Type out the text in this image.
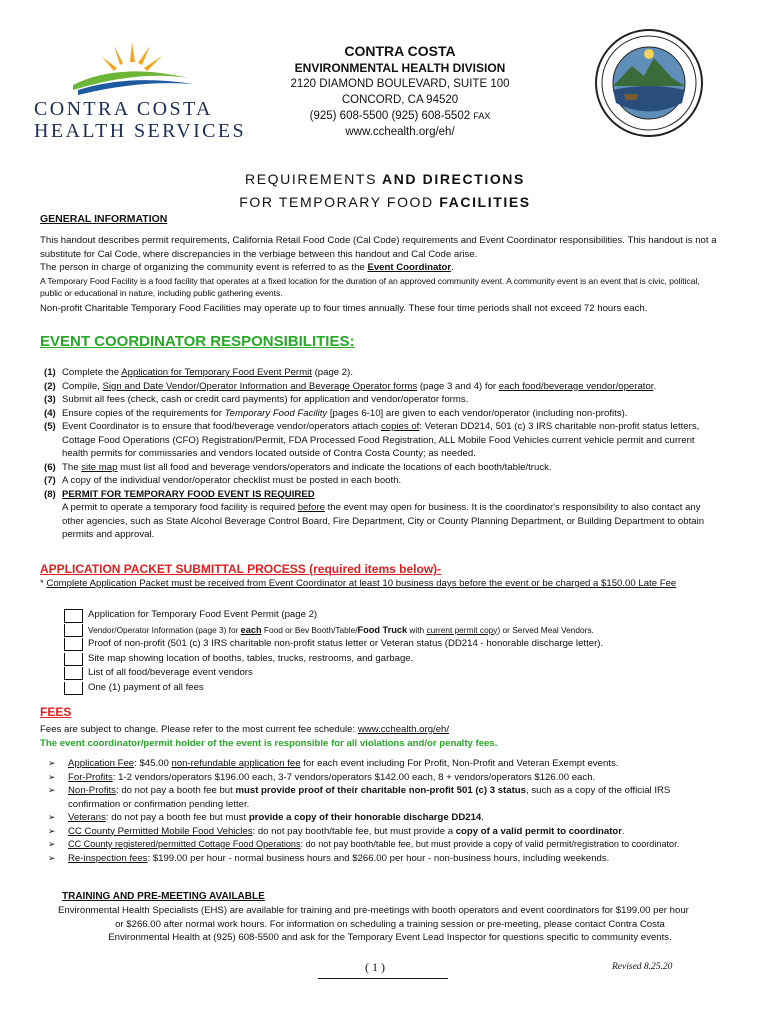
CONTRA COSTA
HEALTH SERVICES
CONTRA COSTA
ENVIRONMENTAL HEALTH DIVISION
2120 DIAMOND BOULEVARD, SUITE 100
CONCORD, CA 94520
(925) 608-5500 (925) 608-5502 FAX
www.cchealth.org/eh/
REQUIREMENTS AND DIRECTIONS
FOR TEMPORARY FOOD FACILITIES
GENERAL INFORMATION
This handout describes permit requirements, California Retail Food Code (Cal Code) requirements and Event Coordinator responsibilities. This handout is not a substitute for Cal Code, where discrepancies in the verbiage between this handout and Cal Code arise.
The person in charge of organizing the community event is referred to as the Event Coordinator.
A Temporary Food Facility is a food facility that operates at a fixed location for the duration of an approved community event. A community event is an event that is civic, political, public or educational in nature, including public gathering events.
Non-profit Charitable Temporary Food Facilities may operate up to four times annually. These four time periods shall not exceed 72 hours each.
EVENT COORDINATOR RESPONSIBILITIES:
(1) Complete the Application for Temporary Food Event Permit (page 2).
(2) Compile, Sign and Date Vendor/Operator Information and Beverage Operator forms (page 3 and 4) for each food/beverage vendor/operator.
(3) Submit all fees (check, cash or credit card payments) for application and vendor/operator forms.
(4) Ensure copies of the requirements for Temporary Food Facility [pages 6-10] are given to each vendor/operator (including non-profits).
(5) Event Coordinator is to ensure that food/beverage vendor/operators attach copies of: Veteran DD214, 501 (c) 3 IRS charitable non-profit status letters, Cottage Food Operations (CFO) Registration/Permit, FDA Processed Food Registration, ALL Mobile Food Vehicles current vehicle permit and current health permits for commissaries and vendors located outside of Contra Costa County; as needed.
(6) The site map must list all food and beverage vendors/operators and indicate the locations of each booth/table/truck.
(7) A copy of the individual vendor/operator checklist must be posted in each booth.
(8) PERMIT FOR TEMPORARY FOOD EVENT IS REQUIRED
A permit to operate a temporary food facility is required before the event may open for business. It is the coordinator's responsibility to also contact any other agencies, such as State Alcohol Beverage Control Board, Fire Department, City or County Planning Department, or Building Department to obtain permits and approval.
APPLICATION PACKET SUBMITTAL PROCESS (required items below)-
* Complete Application Packet must be received from Event Coordinator at least 10 business days before the event or be charged a $150.00 Late Fee
Application for Temporary Food Event Permit (page 2)
Vendor/Operator Information (page 3) for each Food or Bev Booth/Table/Food Truck with current permit copy) or Served Meal Vendors.
Proof of non-profit (501 (c) 3 IRS charitable non-profit status letter or Veteran status (DD214 - honorable discharge letter).
Site map showing location of booths, tables, trucks, restrooms, and garbage.
List of all food/beverage event vendors
One (1) payment of all fees
FEES
Fees are subject to change. Please refer to the most current fee schedule: www.cchealth.org/eh/
The event coordinator/permit holder of the event is responsible for all violations and/or penalty fees.
➢ Application Fee: $45.00 non-refundable application fee for each event including For Profit, Non-Profit and Veteran Exempt events.
➢ For-Profits: 1-2 vendors/operators $196.00 each, 3-7 vendors/operators $142.00 each, 8 + vendors/operators $126.00 each.
➢ Non-Profits: do not pay a booth fee but must provide proof of their charitable non-profit 501 (c) 3 status, such as a copy of the official IRS confirmation or confirmation pending letter.
➢ Veterans: do not pay a booth fee but must provide a copy of their honorable discharge DD214.
➢ CC County Permitted Mobile Food Vehicles: do not pay booth/table fee, but must provide a copy of a valid permit to coordinator.
➢ CC County registered/permitted Cottage Food Operations: do not pay booth/table fee, but must provide a copy of valid permit/registration to coordinator.
➢ Re-inspection fees: $199.00 per hour - normal business hours and $266.00 per hour - non-business hours, including weekends.
TRAINING AND PRE-MEETING AVAILABLE
Environmental Health Specialists (EHS) are available for training and pre-meetings with booth operators and event coordinators for $199.00 per hour
or $266.00 after normal work hours. For information on scheduling a training session or pre-meeting, please contact Contra Costa
Environmental Health at (925) 608-5500 and ask for the Temporary Event Lead Inspector for questions specific to community events.
( 1 )	Revised 8.25.20
